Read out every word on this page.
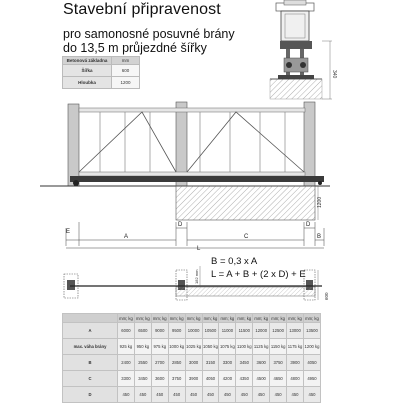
Stavební připravenost
pro samonosné posuvné brány
do 13,5 m průjezdné šířky
Betonová základna	mm
Šířka	600
Hloubka	1200
340
1200
182 mm
600
E
A
D
C
D
B
L
B = 0,3 x A
L = A + B + (2 x D) + E
	mm; kg	mm; kg	mm; kg	mm; kg	mm; kg	mm; kg	mm; kg	mm; kg	mm; kg	mm; kg	mm; kg	mm; kg
A	6000	6500	9000	9500	10000	10500	11000	11500	12000	12500	13000	13500
max. váha brány	925 kg	950 kg	975 kg	1000 kg	1025 kg	1050 kg	1075 kg	1100 kg	1125 kg	1150 kg	1175 kg	1200 kg
B	2400	2550	2700	2850	3000	3150	3300	3450	3600	3750	3900	4050
C	3300	3450	3600	3750	3900	4050	4200	4350	4500	4650	4800	4950
D	450	450	450	450	450	450	450	450	450	450	450	450
